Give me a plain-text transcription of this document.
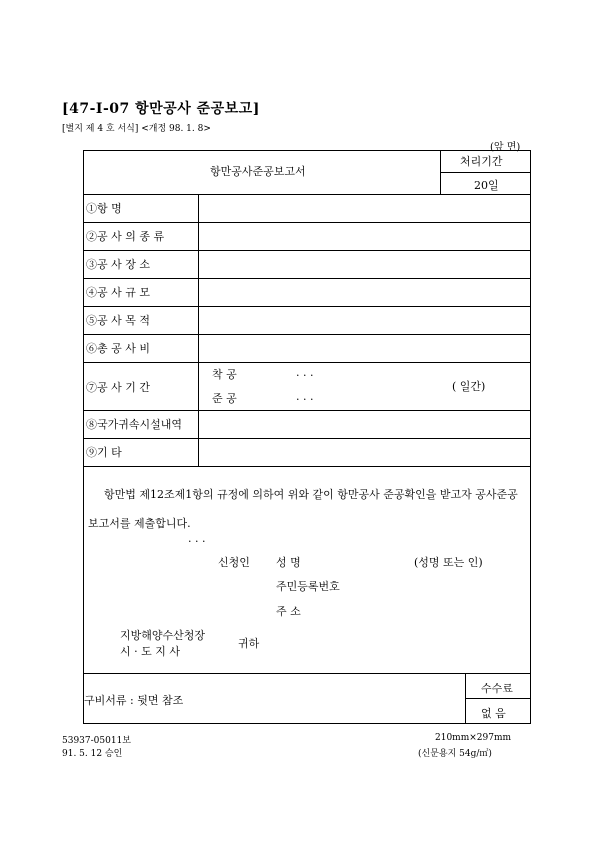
[47-I-07 항만공사 준공보고]
[별지 제 4 호 서식] <개정 98. 1. 8>
(앞 면)
항만공사준공보고서
처리기간
20일
①항 명
②공 사 의 종 류
③공 사 장 소
④공 사 규 모
⑤공 사 목 적
⑥총 공 사 비
⑦공 사 기 간
⑧국가귀속시설내역
⑨기 타
착 공
준 공
. . .
. . .
( 일간)
항만법 제12조제1항의 규정에 의하여 위와 같이 항만공사 준공확인을 받고자 공사준공보고서를 제출합니다.
. . .
신청인 성 명	(성명 또는 인)
주민등록번호
주 소
지방해양수산청장
시 · 도 지 사
귀하
구비서류 : 뒷면 참조
수수료
없 음
53937-05011보
91. 5. 12 승인
210mm×297mm
(신문용지 54g/㎡)
